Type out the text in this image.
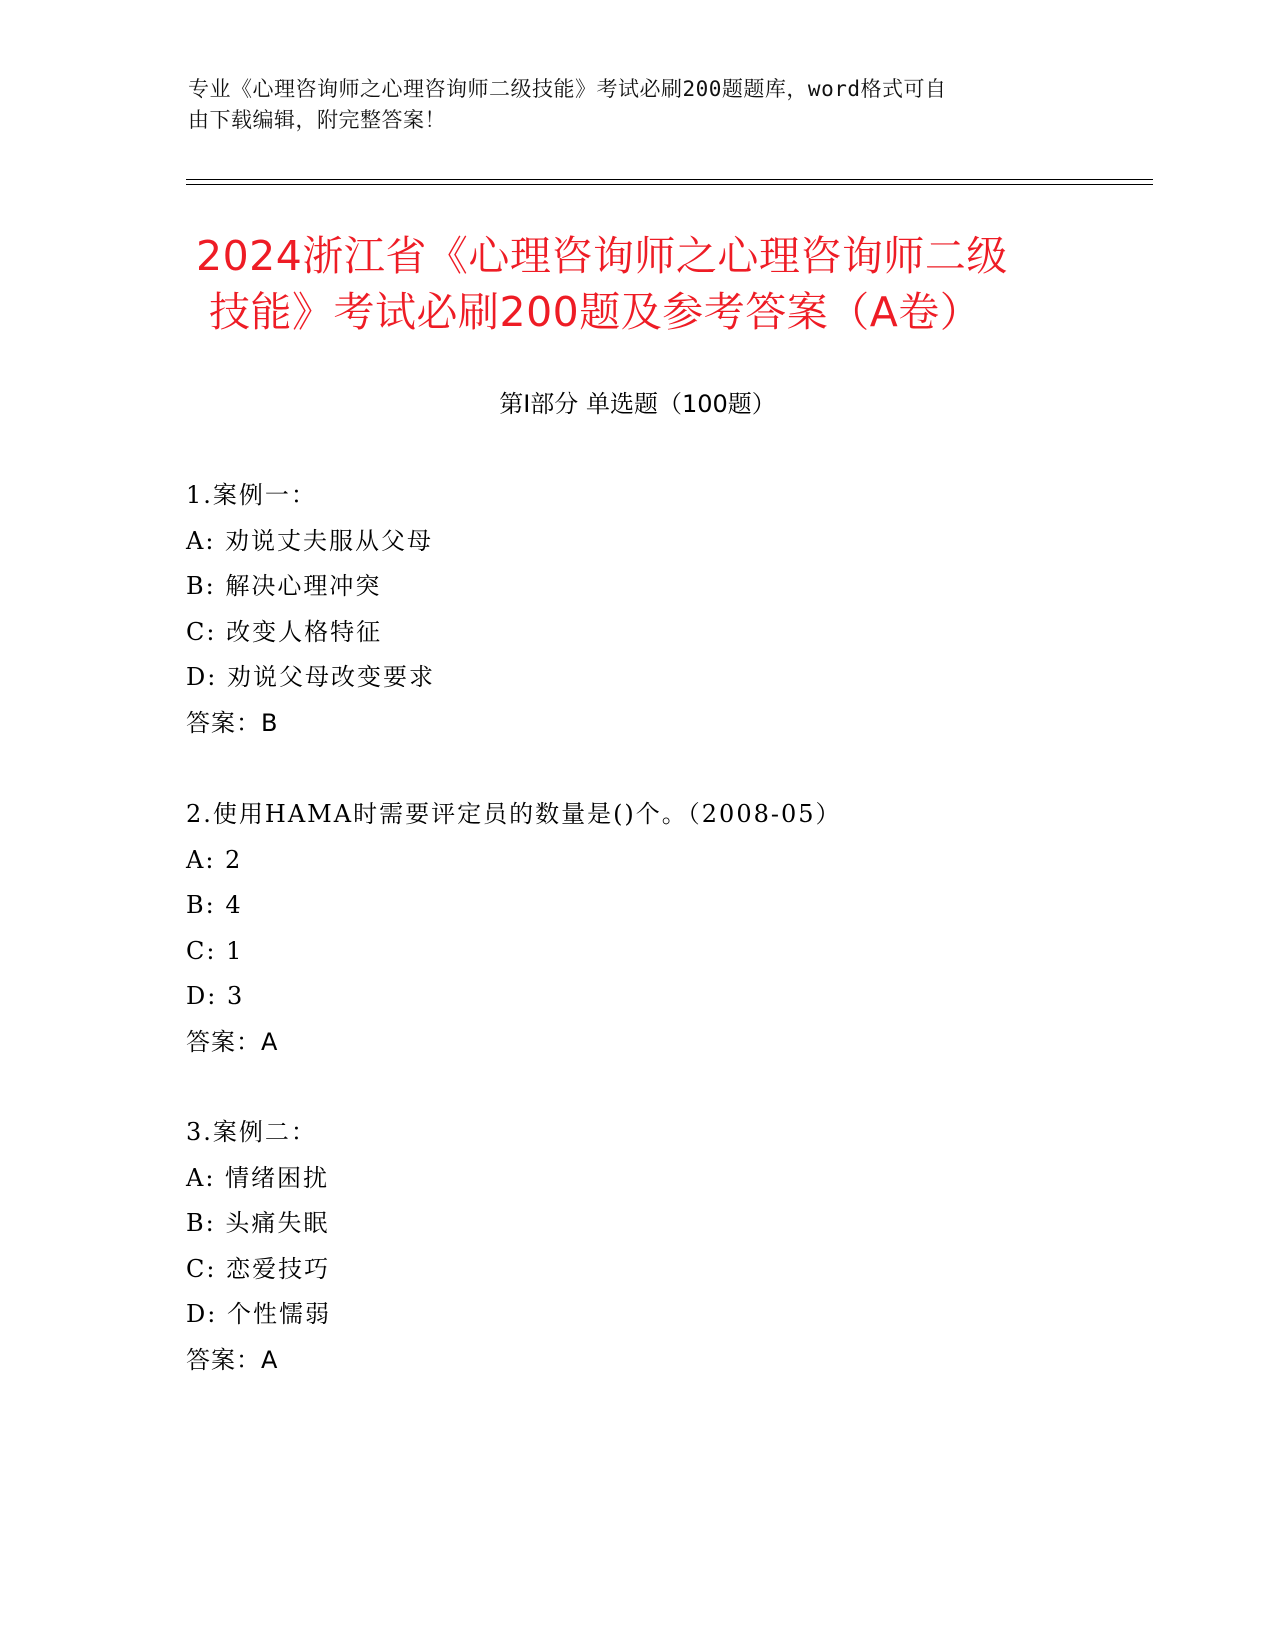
专业《心理咨询师之心理咨询师二级技能》考试必刷200题题库，word格式可自
由下载编辑，附完整答案！
2024浙江省《心理咨询师之心理咨询师二级
技能》考试必刷200题及参考答案（A卷）
第Ⅰ部分 单选题（100题）
1.案例一：
A: 劝说丈夫服从父母
B: 解决心理冲突
C: 改变人格特征
D: 劝说父母改变要求
答案：B
2.使用HAMA时需要评定员的数量是()个。（2008-05）
A: 2
B: 4
C: 1
D: 3
答案：A
3.案例二：
A: 情绪困扰
B: 头痛失眠
C: 恋爱技巧
D: 个性懦弱
答案：A
